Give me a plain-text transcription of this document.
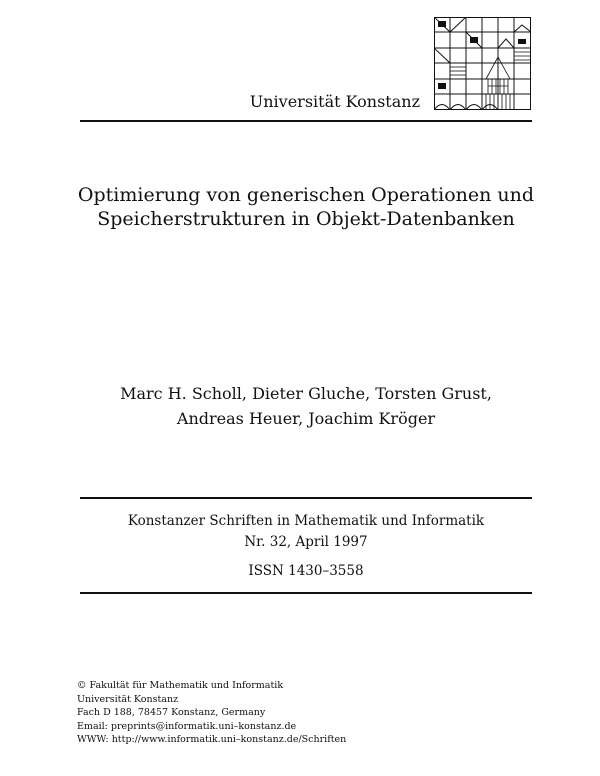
Universität Konstanz
Optimierung von generischen Operationen und
Speicherstrukturen in Objekt-Datenbanken
Marc H. Scholl, Dieter Gluche, Torsten Grust,
Andreas Heuer, Joachim Kröger
Konstanzer Schriften in Mathematik und Informatik
Nr. 32, April 1997
ISSN 1430–3558
© Fakultät für Mathematik und Informatik
Universität Konstanz
Fach D 188, 78457 Konstanz, Germany
Email: preprints@informatik.uni–konstanz.de
WWW: http://www.informatik.uni–konstanz.de/Schriften
